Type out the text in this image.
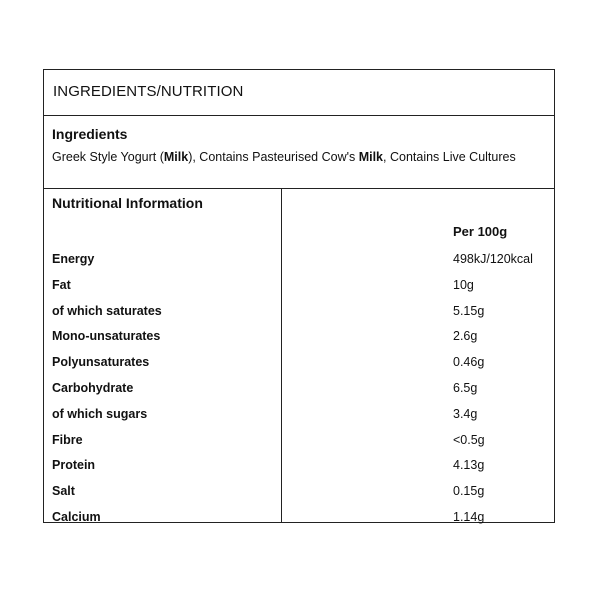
INGREDIENTS/NUTRITION
Ingredients
Greek Style Yogurt (Milk), Contains Pasteurised Cow's Milk, Contains Live Cultures
Nutritional Information
Per 100g
Energy	498kJ/120kcal
Fat	10g
of which saturates	5.15g
Mono-unsaturates	2.6g
Polyunsaturates	0.46g
Carbohydrate	6.5g
of which sugars	3.4g
Fibre	<0.5g
Protein	4.13g
Salt	0.15g
Calcium	1.14g
